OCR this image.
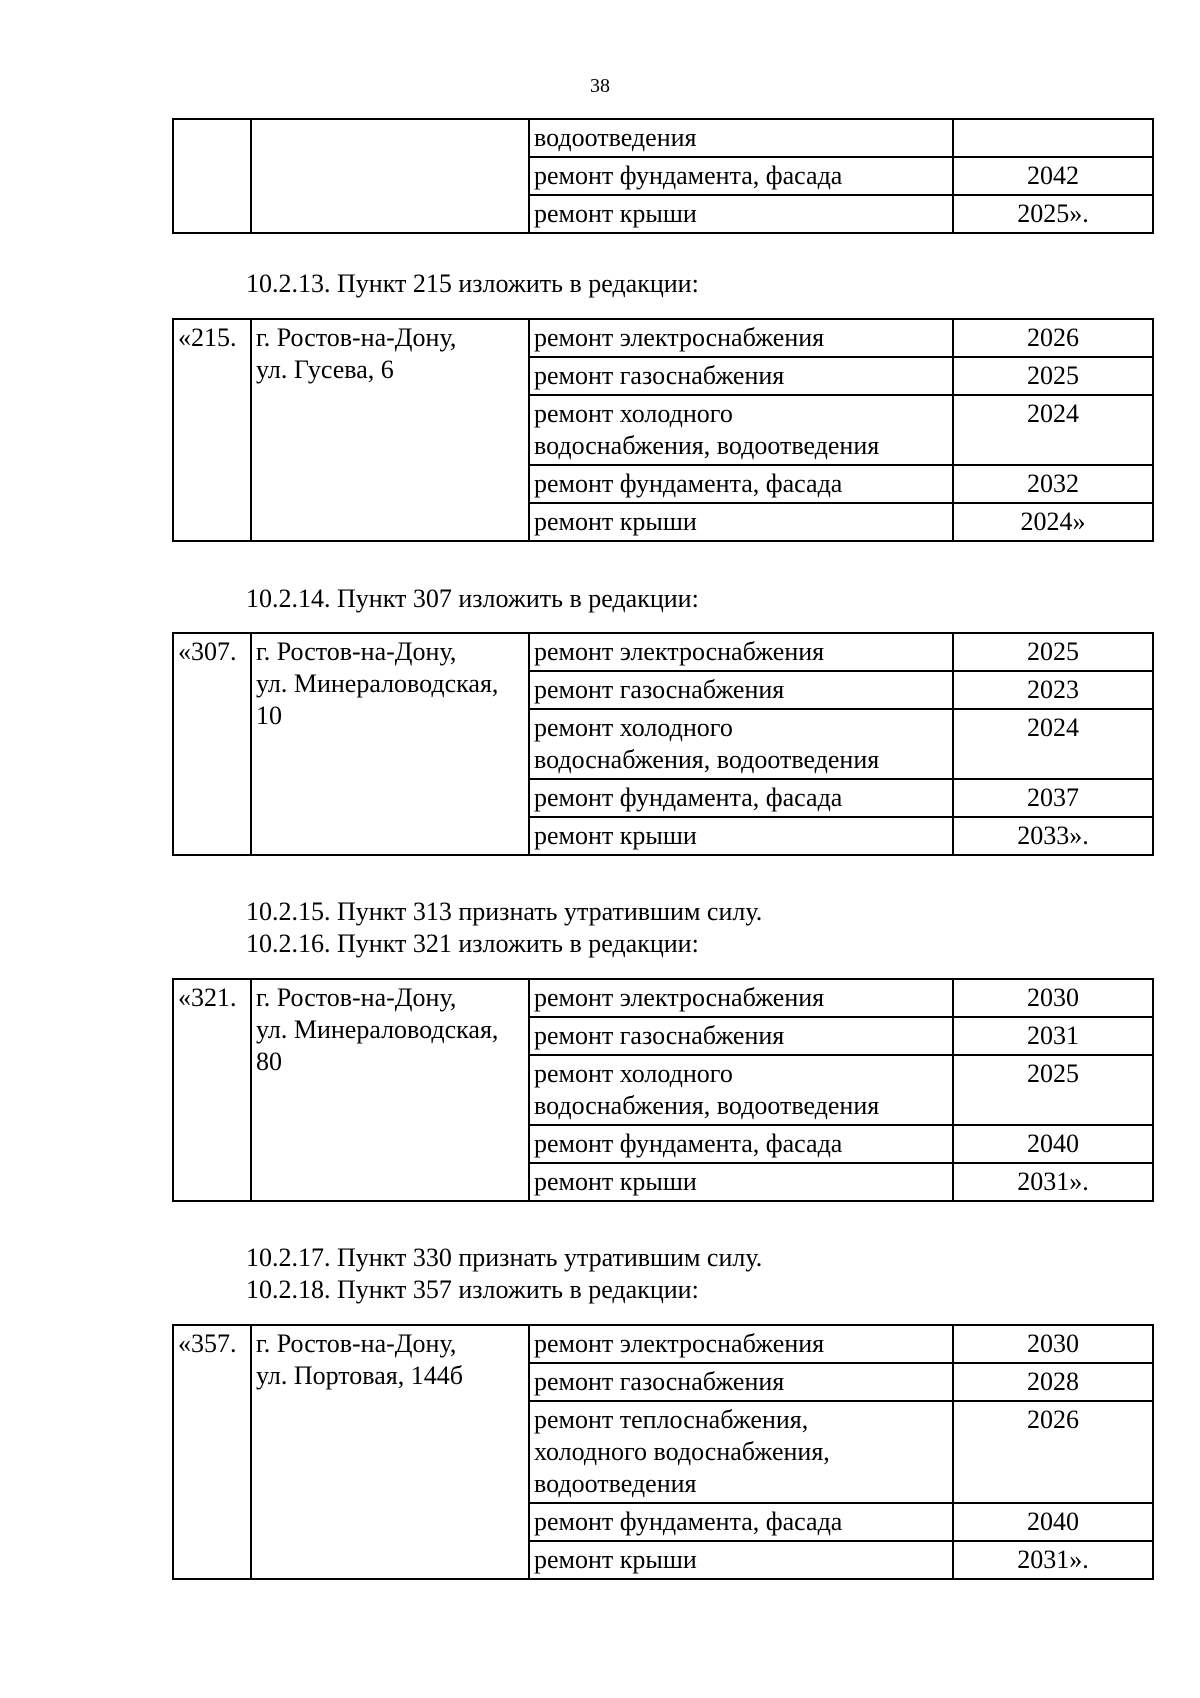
38
10.2.13. Пункт 215 изложить в редакции:
10.2.14. Пункт 307 изложить в редакции:
10.2.15. Пункт 313 признать утратившим силу.
10.2.16. Пункт 321 изложить в редакции:
10.2.17. Пункт 330 признать утратившим силу.
10.2.18. Пункт 357 изложить в редакции:

		водоотведения	

		ремонт фундамента, фасада	2042

		ремонт крыши	2025».
«215.	г. Ростов-на-Дону,
ул. Гусева, 6	ремонт электроснабжения	2026

		ремонт газоснабжения	2025

		ремонт холодного
водоснабжения, водоотведения	2024

		ремонт фундамента, фасада	2032

		ремонт крыши	2024»
«307.	г. Ростов-на-Дону,
ул. Минераловодская,
10	ремонт электроснабжения	2025

		ремонт газоснабжения	2023

		ремонт холодного
водоснабжения, водоотведения	2024

		ремонт фундамента, фасада	2037

		ремонт крыши	2033».
«321.	г. Ростов-на-Дону,
ул. Минераловодская,
80	ремонт электроснабжения	2030

		ремонт газоснабжения	2031

		ремонт холодного
водоснабжения, водоотведения	2025

		ремонт фундамента, фасада	2040

		ремонт крыши	2031».
«357.	г. Ростов-на-Дону,
ул. Портовая, 144б	ремонт электроснабжения	2030

		ремонт газоснабжения	2028

		ремонт теплоснабжения,
холодного водоснабжения,
водоотведения	2026

		ремонт фундамента, фасада	2040

		ремонт крыши	2031».
